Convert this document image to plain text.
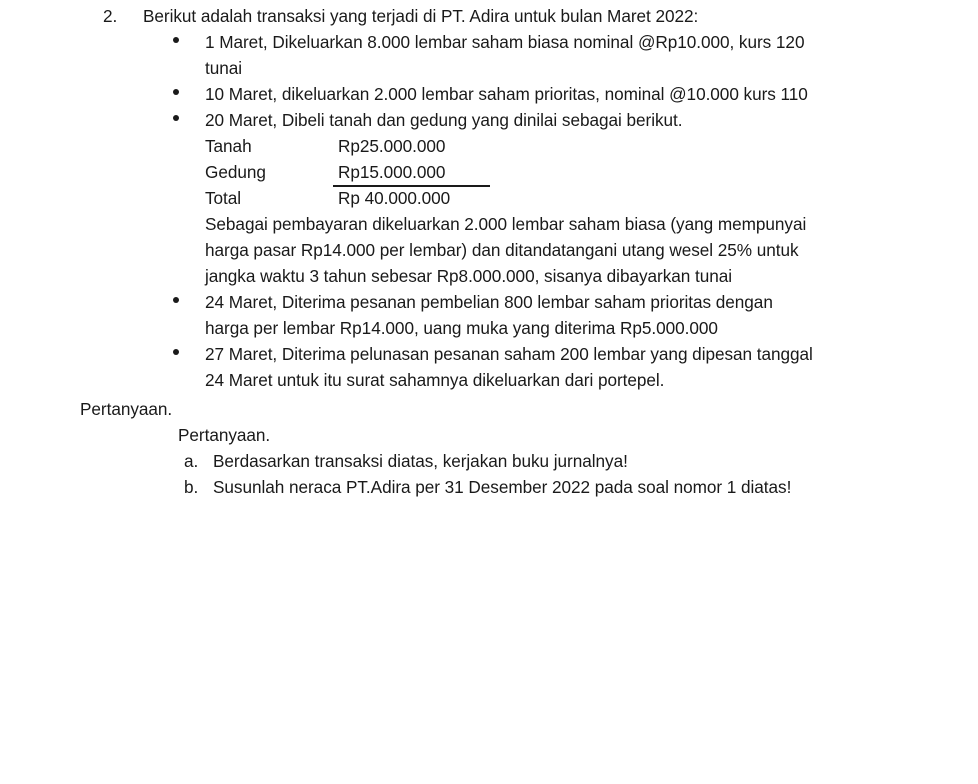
2.	Berikut adalah transaksi yang terjadi di PT. Adira untuk bulan Maret 2022:
1 Maret, Dikeluarkan 8.000 lembar saham biasa nominal @Rp10.000, kurs 120
tunai
10 Maret, dikeluarkan 2.000 lembar saham prioritas, nominal @10.000 kurs 110
20 Maret, Dibeli tanah dan gedung yang dinilai sebagai berikut.
Tanah	Rp25.000.000
Gedung	Rp15.000.000
Total	Rp 40.000.000
Sebagai pembayaran dikeluarkan 2.000 lembar saham biasa (yang mempunyai
harga pasar Rp14.000 per lembar) dan ditandatangani utang wesel 25% untuk
jangka waktu 3 tahun sebesar Rp8.000.000, sisanya dibayarkan tunai
24 Maret, Diterima pesanan pembelian 800 lembar saham prioritas dengan
harga per lembar Rp14.000, uang muka yang diterima Rp5.000.000
27 Maret, Diterima pelunasan pesanan saham 200 lembar yang dipesan tanggal
24 Maret untuk itu surat sahamnya dikeluarkan dari portepel.
Pertanyaan.
Pertanyaan.
a. Berdasarkan transaksi diatas, kerjakan buku jurnalnya!
b. Susunlah neraca PT.Adira per 31 Desember 2022 pada soal nomor 1 diatas!
